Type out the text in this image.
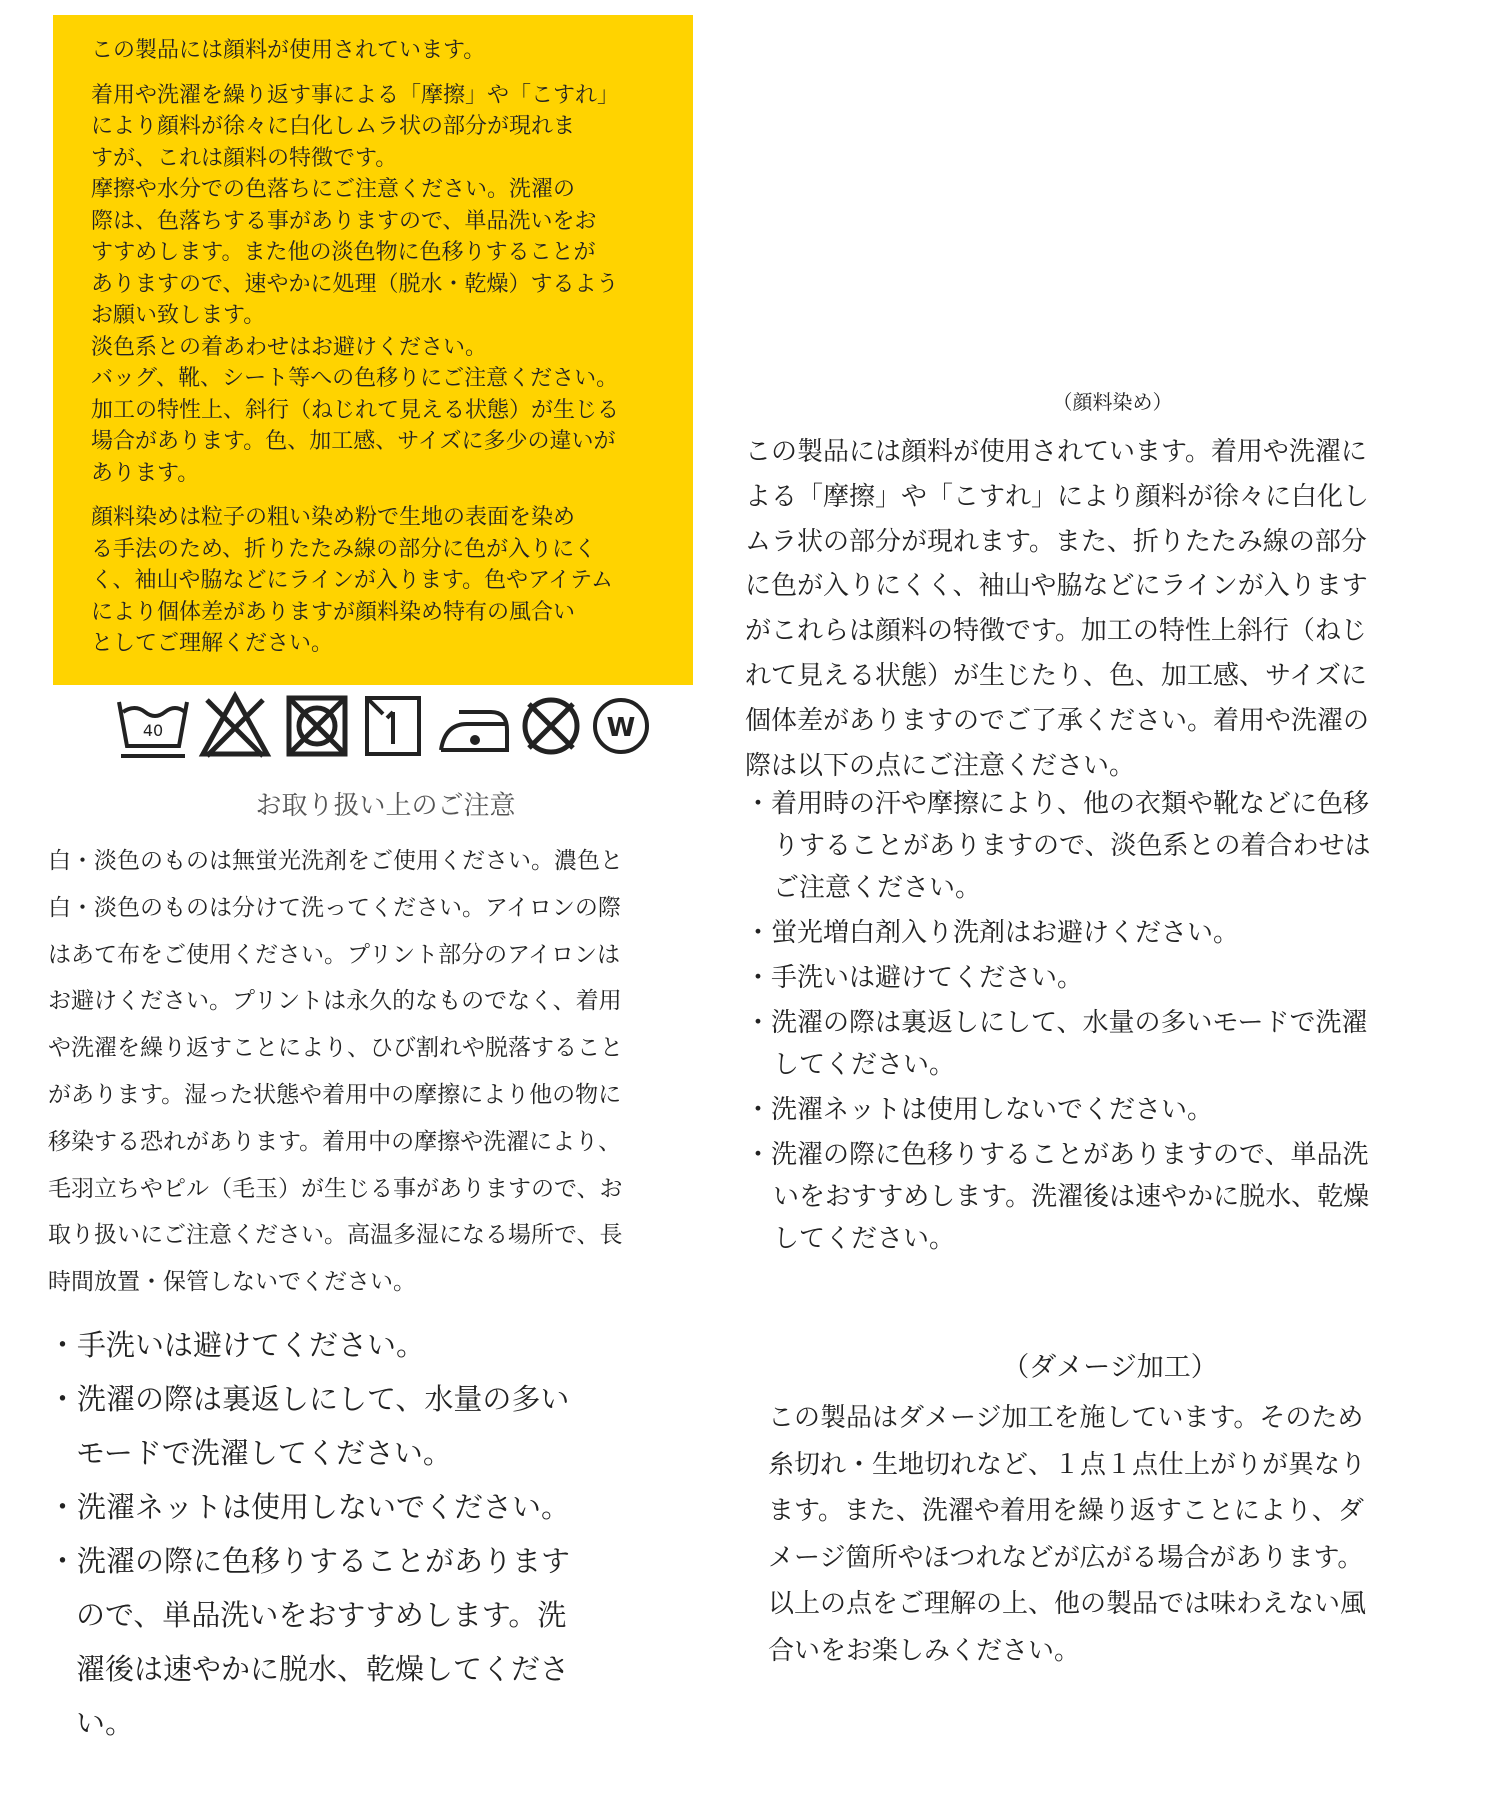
この製品には顔料が使用されています。

着用や洗濯を繰り返す事による「摩擦」や「こすれ」
により顔料が徐々に白化しムラ状の部分が現れま
すが、これは顔料の特徴です。
摩擦や水分での色落ちにご注意ください。洗濯の
際は、色落ちする事がありますので、単品洗いをお
すすめします。また他の淡色物に色移りすることが
ありますので、速やかに処理（脱水・乾燥）するよう
お願い致します。
淡色系との着あわせはお避けください。
バッグ、靴、シート等への色移りにご注意ください。
加工の特性上、斜行（ねじれて見える状態）が生じる
場合があります。色、加工感、サイズに多少の違いが
あります。

顔料染めは粒子の粗い染め粉で生地の表面を染め
る手法のため、折りたたみ線の部分に色が入りにく
く、袖山や脇などにラインが入ります。色やアイテム
により個体差がありますが顔料染め特有の風合い
としてご理解ください。

40	W
お取り扱い上のご注意

白・淡色のものは無蛍光洗剤をご使用ください。濃色と
白・淡色のものは分けて洗ってください。アイロンの際
はあて布をご使用ください。プリント部分のアイロンは
お避けください。プリントは永久的なものでなく、着用
や洗濯を繰り返すことにより、ひび割れや脱落すること
があります。湿った状態や着用中の摩擦により他の物に
移染する恐れがあります。着用中の摩擦や洗濯により、
毛羽立ちやピル（毛玉）が生じる事がありますので、お
取り扱いにご注意ください。高温多湿になる場所で、長
時間放置・保管しないでください。

・手洗いは避けてください。
・洗濯の際は裏返しにして、水量の多い
モードで洗濯してください。
・洗濯ネットは使用しないでください。
・洗濯の際に色移りすることがあります
ので、単品洗いをおすすめします。洗
濯後は速やかに脱水、乾燥してくださ
い。
（顔料染め）

この製品には顔料が使用されています。着用や洗濯に
よる「摩擦」や「こすれ」により顔料が徐々に白化し
ムラ状の部分が現れます。また、折りたたみ線の部分
に色が入りにくく、袖山や脇などにラインが入ります
がこれらは顔料の特徴です。加工の特性上斜行（ねじ
れて見える状態）が生じたり、色、加工感、サイズに
個体差がありますのでご了承ください。着用や洗濯の
際は以下の点にご注意ください。

・着用時の汗や摩擦により、他の衣類や靴などに色移
りすることがありますので、淡色系との着合わせは
ご注意ください。
・蛍光増白剤入り洗剤はお避けください。
・手洗いは避けてください。
・洗濯の際は裏返しにして、水量の多いモードで洗濯
してください。
・洗濯ネットは使用しないでください。
・洗濯の際に色移りすることがありますので、単品洗
いをおすすめします。洗濯後は速やかに脱水、乾燥
してください。
（ダメージ加工）

この製品はダメージ加工を施しています。そのため
糸切れ・生地切れなど、１点１点仕上がりが異なり
ます。また、洗濯や着用を繰り返すことにより、ダ
メージ箇所やほつれなどが広がる場合があります。
以上の点をご理解の上、他の製品では味わえない風
合いをお楽しみください。
